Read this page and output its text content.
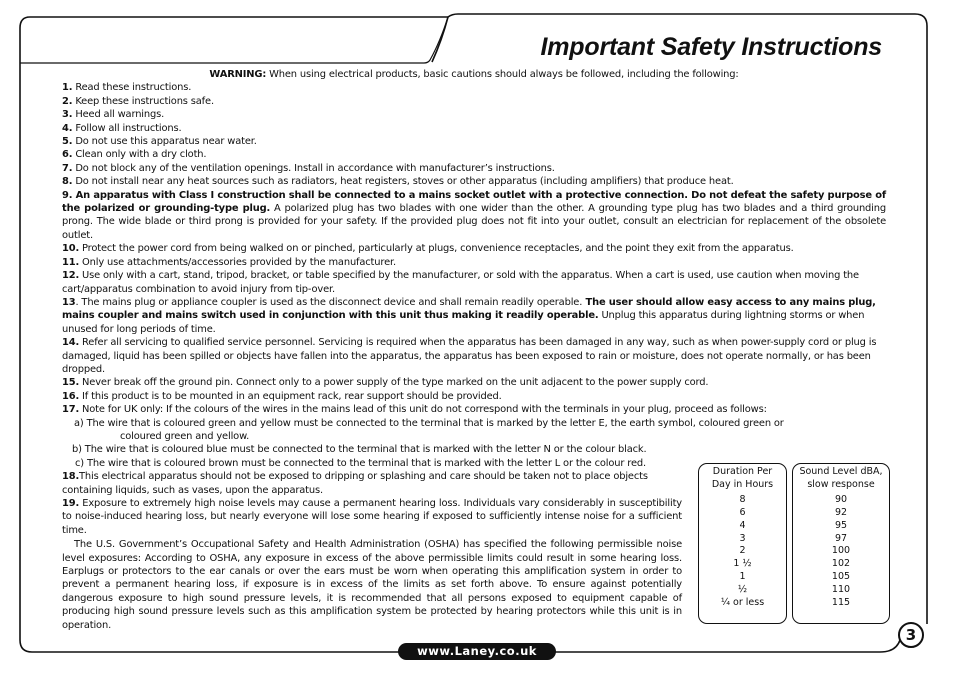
Important Safety Instructions
WARNING: When using electrical products, basic cautions should always be followed, including the following:
1. Read these instructions.
2. Keep these instructions safe.
3. Heed all warnings.
4. Follow all instructions.
5. Do not use this apparatus near water.
6. Clean only with a dry cloth.
7. Do not block any of the ventilation openings. Install in accordance with manufacturer’s instructions.
8. Do not install near any heat sources such as radiators, heat registers, stoves or other apparatus (including amplifiers) that produce heat.
9. An apparatus with Class I construction shall be connected to a mains socket outlet with a protective connection. Do not defeat the safety purpose of the polarized or grounding-type plug. A polarized plug has two blades with one wider than the other. A grounding type plug has two blades and a third grounding prong. The wide blade or third prong is provided for your safety. If the provided plug does not fit into your outlet, consult an electrician for replacement of the obsolete outlet.
10. Protect the power cord from being walked on or pinched, particularly at plugs, convenience receptacles, and the point they exit from the apparatus.
11. Only use attachments/accessories provided by the manufacturer.
12. Use only with a cart, stand, tripod, bracket, or table specified by the manufacturer, or sold with the apparatus. When a cart is used, use caution when moving the cart/apparatus combination to avoid injury from tip-over.
13. The mains plug or appliance coupler is used as the disconnect device and shall remain readily operable. The user should allow easy access to any mains plug, mains coupler and mains switch used in conjunction with this unit thus making it readily operable. Unplug this apparatus during lightning storms or when unused for long periods of time.
14. Refer all servicing to qualified service personnel. Servicing is required when the apparatus has been damaged in any way, such as when power-supply cord or plug is damaged, liquid has been spilled or objects have fallen into the apparatus, the apparatus has been exposed to rain or moisture, does not operate normally, or has been dropped.
15. Never break off the ground pin. Connect only to a power supply of the type marked on the unit adjacent to the power supply cord.
16. If this product is to be mounted in an equipment rack, rear support should be provided.
17. Note for UK only: If the colours of the wires in the mains lead of this unit do not correspond with the terminals in your plug, proceed as follows:
a) The wire that is coloured green and yellow must be connected to the terminal that is marked by the letter E, the earth symbol, coloured green or
coloured green and yellow.
b) The wire that is coloured blue must be connected to the terminal that is marked with the letter N or the colour black.
c) The wire that is coloured brown must be connected to the terminal that is marked with the letter L or the colour red.
18.This electrical apparatus should not be exposed to dripping or splashing and care should be taken not to place objects containing liquids, such as vases, upon the apparatus.
19. Exposure to extremely high noise levels may cause a permanent hearing loss. Individuals vary considerably in susceptibility to noise-induced hearing loss, but nearly everyone will lose some hearing if exposed to sufficiently intense noise for a sufficient time.
The U.S. Government’s Occupational Safety and Health Administration (OSHA) has specified the following permissible noise level exposures: According to OSHA, any exposure in excess of the above permissible limits could result in some hearing loss. Earplugs or protectors to the ear canals or over the ears must be worn when operating this amplification system in order to prevent a permanent hearing loss, if exposure is in excess of the limits as set forth above. To ensure against potentially dangerous exposure to high sound pressure levels, it is recommended that all persons exposed to equipment capable of producing high sound pressure levels such as this amplification system be protected by hearing protectors while this unit is in operation.
Duration Per
Day in Hours
8
6
4
3
2
1 ½
1
½
¼ or less
Sound Level dBA,
slow response
90
92
95
97
100
102
105
110
115
www.Laney.co.uk
3
